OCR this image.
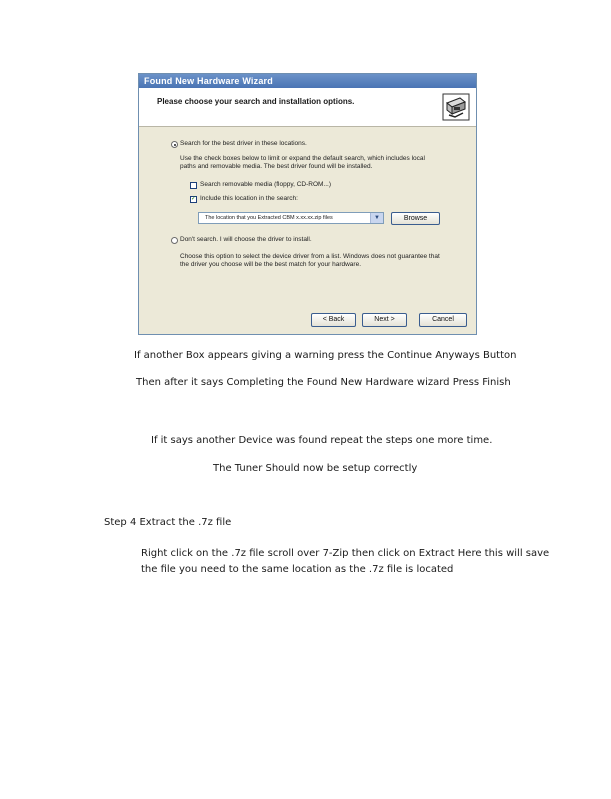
Found New Hardware Wizard
Please choose your search and installation options.
Search for the best driver in these locations.
Use the check boxes below to limit or expand the default search, which includes local
paths and removable media. The best driver found will be installed.
Search removable media (floppy, CD-ROM...)
✓ Include this location in the search:
The location that you Extracted CBM x.xx.xx.zip files	▼	Browse
Don't search. I will choose the driver to install.
Choose this option to select the device driver from a list. Windows does not guarantee that
the driver you choose will be the best match for your hardware.
< Back	Next >	Cancel
If another Box appears giving a warning press the Continue Anyways Button
Then after it says Completing the Found New Hardware wizard Press Finish
If it says another Device was found repeat the steps one more time.
The Tuner Should now be setup correctly
Step 4 Extract the .7z file
Right click on the .7z file scroll over 7-Zip then click on Extract Here this will save the file you need to the same location as the .7z file is located
